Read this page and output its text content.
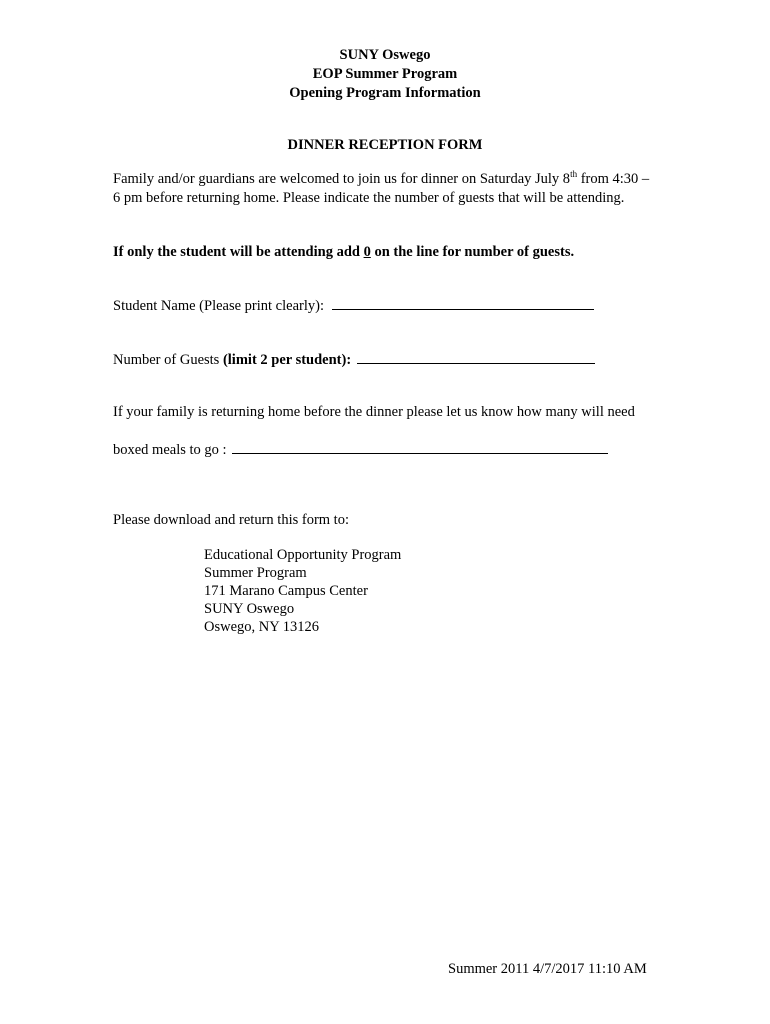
SUNY Oswego
EOP Summer Program
Opening Program Information
DINNER RECEPTION FORM
Family and/or guardians are welcomed to join us for dinner on Saturday July 8th from 4:30 – 6 pm before returning home. Please indicate the number of guests that will be attending.
If only the student will be attending add 0 on the line for number of guests.
Student Name (Please print clearly):
Number of Guests (limit 2 per student):
If your family is returning home before the dinner please let us know how many will need
boxed meals to go :
Please download and return this form to:
Educational Opportunity Program
Summer Program
171 Marano Campus Center
SUNY Oswego
Oswego, NY 13126
Summer 2011 4/7/2017 11:10 AM
